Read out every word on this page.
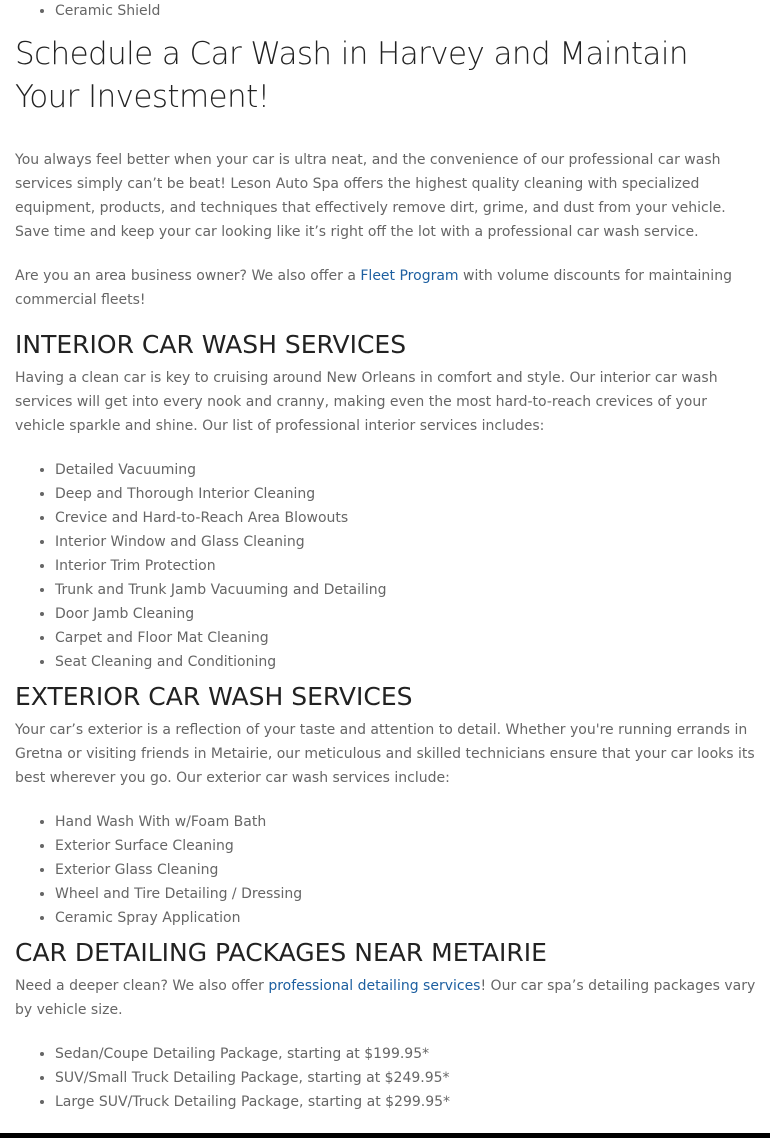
• Ceramic Shield
Schedule a Car Wash in Harvey and Maintain Your Investment!

You always feel better when your car is ultra neat, and the convenience of our professional car wash services simply can’t be beat! Leson Auto Spa offers the highest quality cleaning with specialized equipment, products, and techniques that effectively remove dirt, grime, and dust from your vehicle. Save time and keep your car looking like it’s right off the lot with a professional car wash service.

Are you an area business owner? We also offer a Fleet Program with volume discounts for maintaining commercial fleets!

INTERIOR CAR WASH SERVICES

Having a clean car is key to cruising around New Orleans in comfort and style. Our interior car wash services will get into every nook and cranny, making even the most hard-to-reach crevices of your vehicle sparkle and shine. Our list of professional interior services includes:

• Detailed Vacuuming
• Deep and Thorough Interior Cleaning
• Crevice and Hard-to-Reach Area Blowouts
• Interior Window and Glass Cleaning
• Interior Trim Protection
• Trunk and Trunk Jamb Vacuuming and Detailing
• Door Jamb Cleaning
• Carpet and Floor Mat Cleaning
• Seat Cleaning and Conditioning
EXTERIOR CAR WASH SERVICES

Your car’s exterior is a reflection of your taste and attention to detail. Whether you're running errands in Gretna or visiting friends in Metairie, our meticulous and skilled technicians ensure that your car looks its best wherever you go. Our exterior car wash services include:

• Hand Wash With w/Foam Bath
• Exterior Surface Cleaning
• Exterior Glass Cleaning
• Wheel and Tire Detailing / Dressing
• Ceramic Spray Application
CAR DETAILING PACKAGES NEAR METAIRIE

Need a deeper clean? We also offer professional detailing services! Our car spa’s detailing packages vary by vehicle size.

• Sedan/Coupe Detailing Package, starting at $199.95*
• SUV/Small Truck Detailing Package, starting at $249.95*
• Large SUV/Truck Detailing Package, starting at $299.95*
